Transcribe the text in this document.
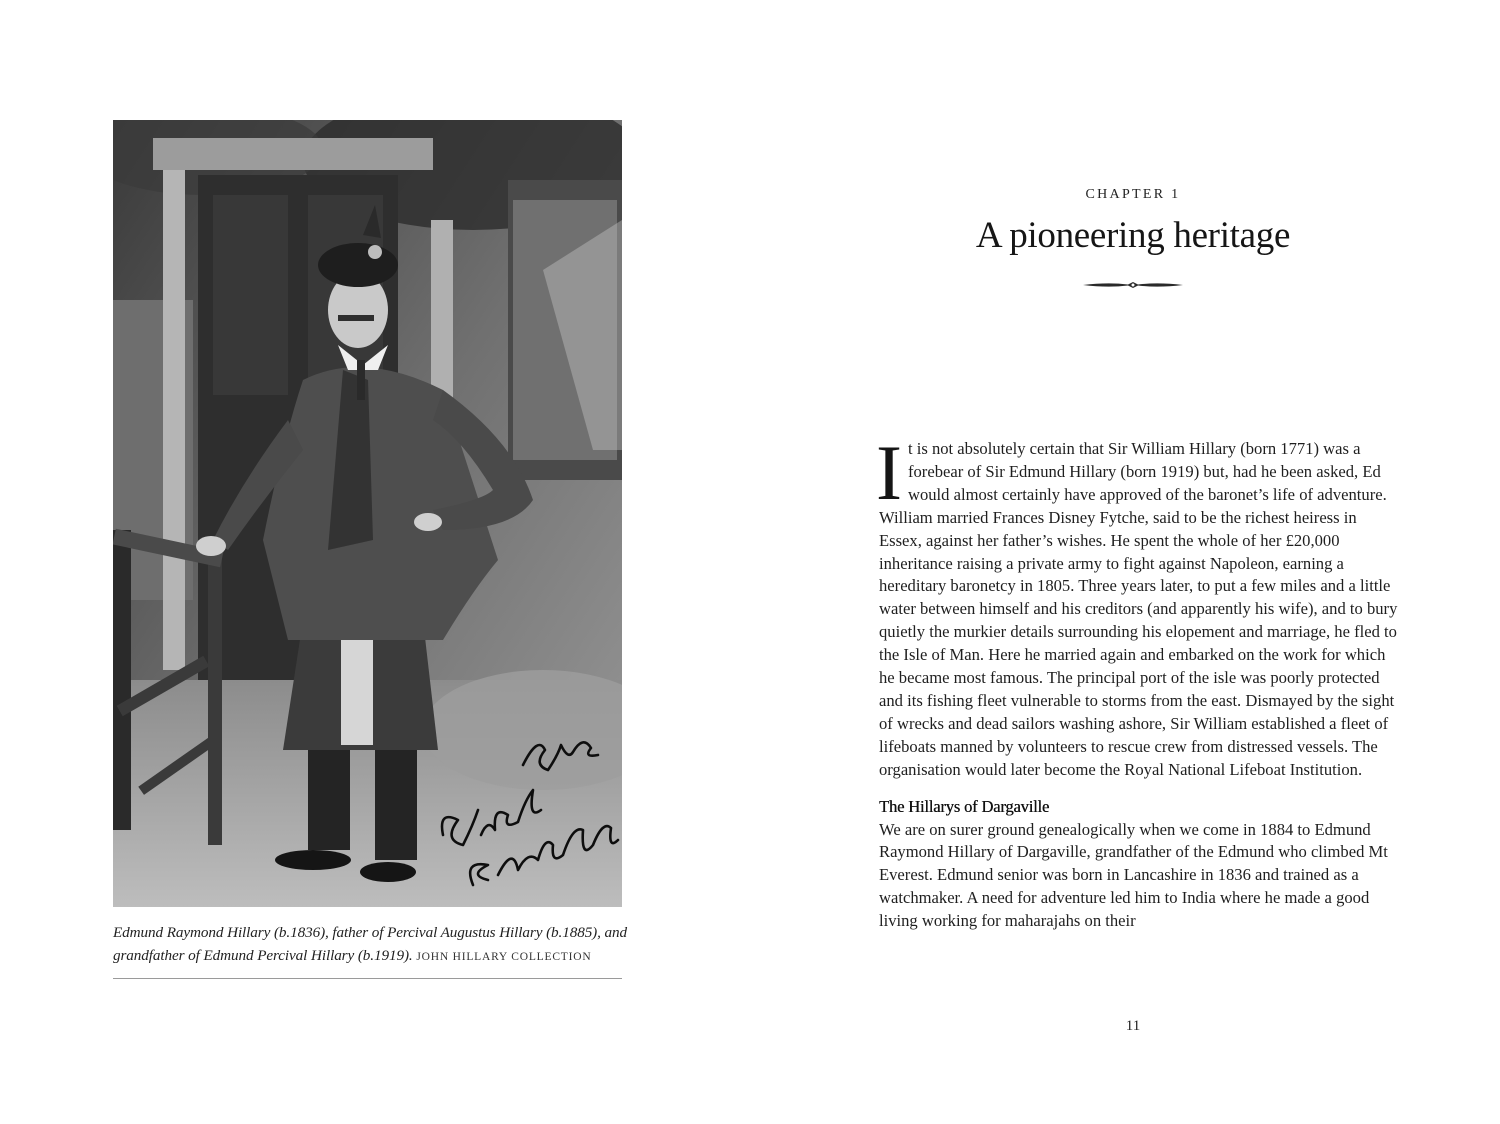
Edmund Raymond Hillary (b.1836), father of Percival Augustus Hillary (b.1885), and grandfather of Edmund Percival Hillary (b.1919). JOHN HILLARY COLLECTION
CHAPTER 1
A pioneering heritage

It is not absolutely certain that Sir William Hillary (born 1771) was a forebear of Sir Edmund Hillary (born 1919) but, had he been asked, Ed would almost certainly have approved of the baronet’s life of adventure. William married Frances Disney Fytche, said to be the richest heiress in Essex, against her father’s wishes. He spent the whole of her £20,000 inheritance raising a private army to fight against Napoleon, earning a hereditary baronetcy in 1805. Three years later, to put a few miles and a little water between himself and his creditors (and apparently his wife), and to bury quietly the murkier details surrounding his elopement and marriage, he fled to the Isle of Man. Here he married again and embarked on the work for which he became most famous. The principal port of the isle was poorly protected and its fishing fleet vulnerable to storms from the east. Dismayed by the sight of wrecks and dead sailors washing ashore, Sir William established a fleet of lifeboats manned by volunteers to rescue crew from distressed vessels. The organisation would later become the Royal National Lifeboat Institution.

The Hillarys of Dargaville

We are on surer ground genealogically when we come in 1884 to Edmund Raymond Hillary of Dargaville, grandfather of the Edmund who climbed Mt Everest. Edmund senior was born in Lancashire in 1836 and trained as a watchmaker. A need for adventure led him to India where he made a good living working for maharajahs on their

11
